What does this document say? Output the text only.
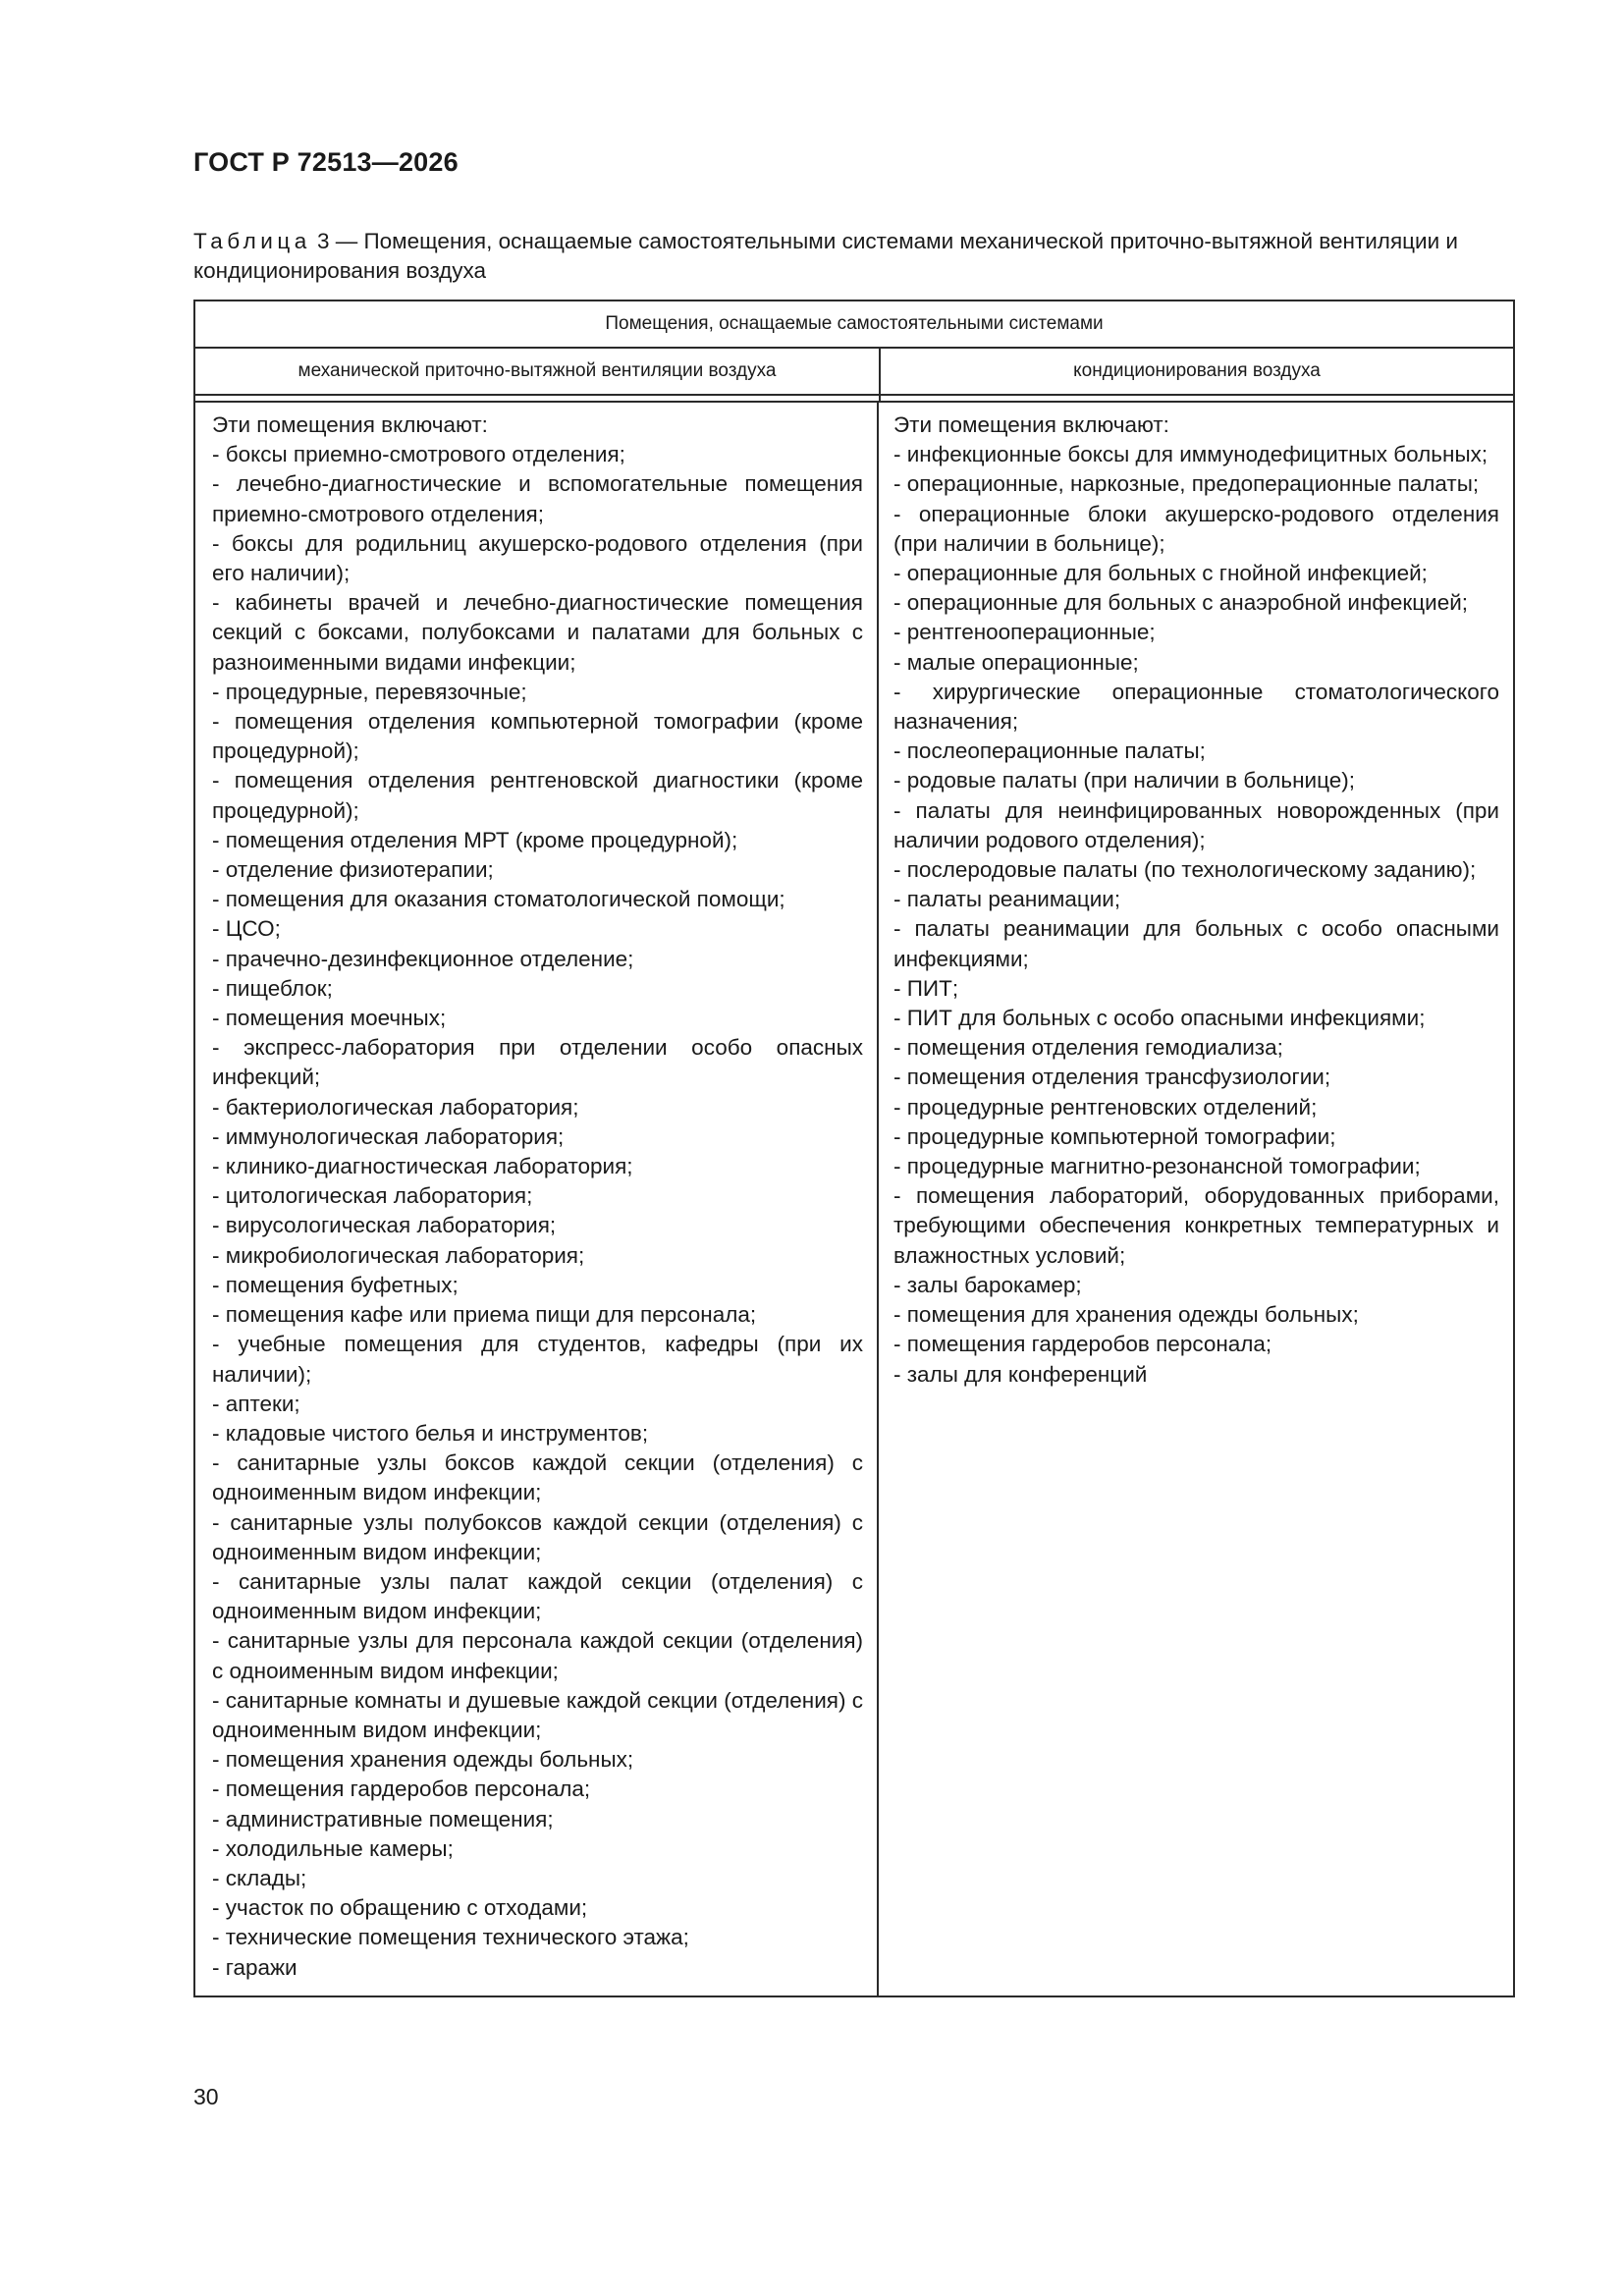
ГОСТ Р 72513—2026
Таблица 3 — Помещения, оснащаемые самостоятельными системами механической приточно-вытяжной вентиляции и кондиционирования воздуха
Помещения, оснащаемые самостоятельными системами
механической приточно-вытяжной вентиляции воздуха	кондиционирования воздуха
Эти помещения включают:
- боксы приемно-смотрового отделения;
- лечебно-диагностические и вспомогательные помещения приемно-смотрового отделения;
- боксы для родильниц акушерско-родового отделения (при его наличии);
- кабинеты врачей и лечебно-диагностические помещения секций с боксами, полубоксами и палатами для больных с разноименными видами инфекции;
- процедурные, перевязочные;
- помещения отделения компьютерной томографии (кроме процедурной);
- помещения отделения рентгеновской диагностики (кроме процедурной);
- помещения отделения МРТ (кроме процедурной);
- отделение физиотерапии;
- помещения для оказания стоматологической помощи;
- ЦСО;
- прачечно-дезинфекционное отделение;
- пищеблок;
- помещения моечных;
- экспресс-лаборатория при отделении особо опасных инфекций;
- бактериологическая лаборатория;
- иммунологическая лаборатория;
- клинико-диагностическая лаборатория;
- цитологическая лаборатория;
- вирусологическая лаборатория;
- микробиологическая лаборатория;
- помещения буфетных;
- помещения кафе или приема пищи для персонала;
- учебные помещения для студентов, кафедры (при их наличии);
- аптеки;
- кладовые чистого белья и инструментов;
- санитарные узлы боксов каждой секции (отделения) с одноименным видом инфекции;
- санитарные узлы полубоксов каждой секции (отделения) с одноименным видом инфекции;
- санитарные узлы палат каждой секции (отделения) с одноименным видом инфекции;
- санитарные узлы для персонала каждой секции (отделения) с одноименным видом инфекции;
- санитарные комнаты и душевые каждой секции (отделения) с одноименным видом инфекции;
- помещения хранения одежды больных;
- помещения гардеробов персонала;
- административные помещения;
- холодильные камеры;
- склады;
- участок по обращению с отходами;
- технические помещения технического этажа;
- гаражи
Эти помещения включают:
- инфекционные боксы для иммунодефицитных больных;
- операционные, наркозные, предоперационные палаты;
- операционные блоки акушерско-родового отделения (при наличии в больнице);
- операционные для больных с гнойной инфекцией;
- операционные для больных с анаэробной инфекцией;
- рентгенооперационные;
- малые операционные;
- хирургические операционные стоматологического назначения;
- послеоперационные палаты;
- родовые палаты (при наличии в больнице);
- палаты для неинфицированных новорожденных (при наличии родового отделения);
- послеродовые палаты (по технологическому заданию);
- палаты реанимации;
- палаты реанимации для больных с особо опасными инфекциями;
- ПИТ;
- ПИТ для больных с особо опасными инфекциями;
- помещения отделения гемодиализа;
- помещения отделения трансфузиологии;
- процедурные рентгеновских отделений;
- процедурные компьютерной томографии;
- процедурные магнитно-резонансной томографии;
- помещения лабораторий, оборудованных приборами, требующими обеспечения конкретных температурных и влажностных условий;
- залы барокамер;
- помещения для хранения одежды больных;
- помещения гардеробов персонала;
- залы для конференций
30
